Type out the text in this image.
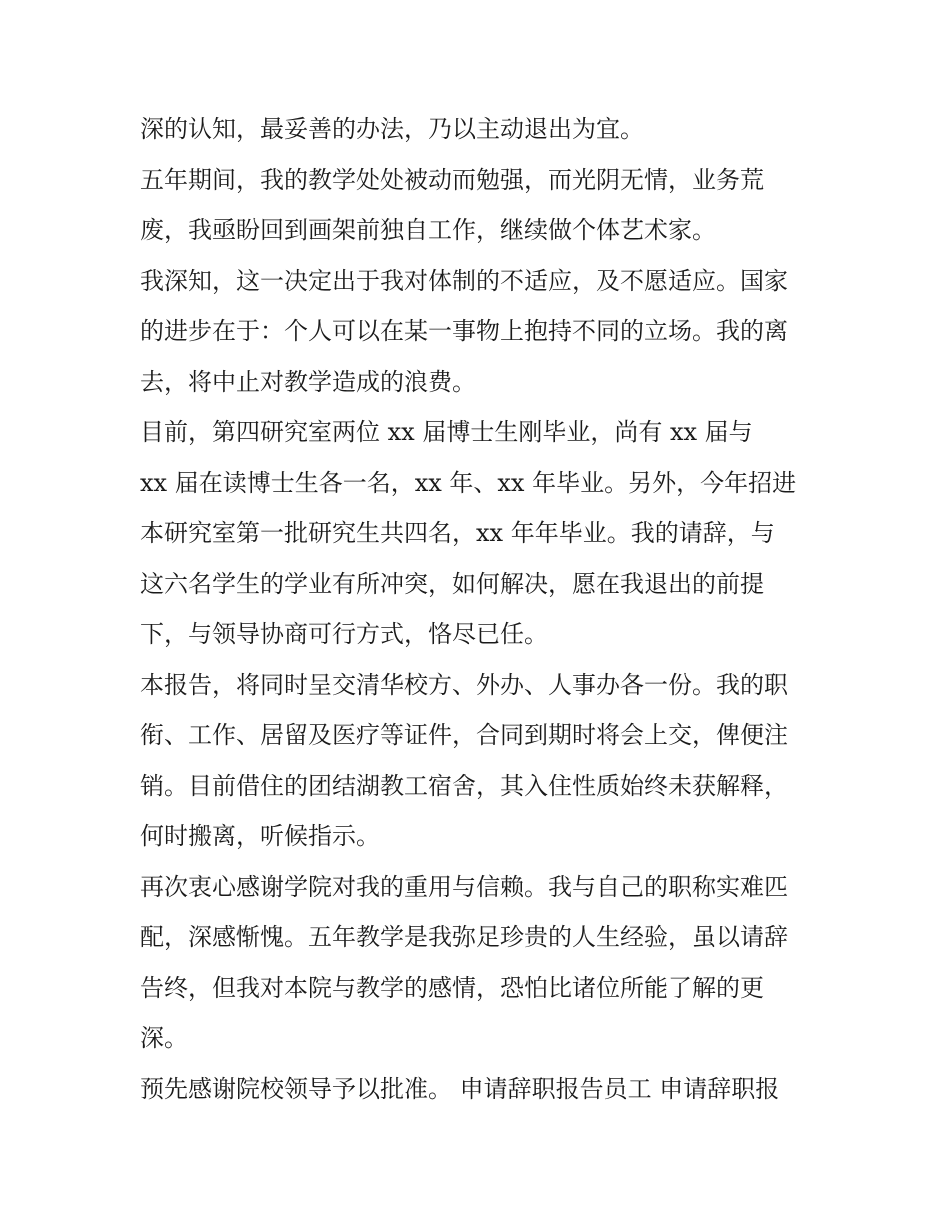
深的认知，最妥善的办法，乃以主动退出为宜。
五年期间，我的教学处处被动而勉强，而光阴无情，业务荒
废，我亟盼回到画架前独自工作，继续做个体艺术家。
我深知，这一决定出于我对体制的不适应，及不愿适应。国家
的进步在于：个人可以在某一事物上抱持不同的立场。我的离
去，将中止对教学造成的浪费。
目前，第四研究室两位 xx 届博士生刚毕业，尚有 xx 届与
xx 届在读博士生各一名，xx 年、xx 年毕业。另外，今年招进
本研究室第一批研究生共四名，xx 年年毕业。我的请辞，与
这六名学生的学业有所冲突，如何解决，愿在我退出的前提
下，与领导协商可行方式，恪尽已任。
本报告，将同时呈交清华校方、外办、人事办各一份。我的职
衔、工作、居留及医疗等证件，合同到期时将会上交，俾便注
销。目前借住的团结湖教工宿舍，其入住性质始终未获解释，
何时搬离，听候指示。
再次衷心感谢学院对我的重用与信赖。我与自己的职称实难匹
配，深感惭愧。五年教学是我弥足珍贵的人生经验，虽以请辞
告终，但我对本院与教学的感情，恐怕比诸位所能了解的更
深。
预先感谢院校领导予以批准。 申请辞职报告员工 申请辞职报
